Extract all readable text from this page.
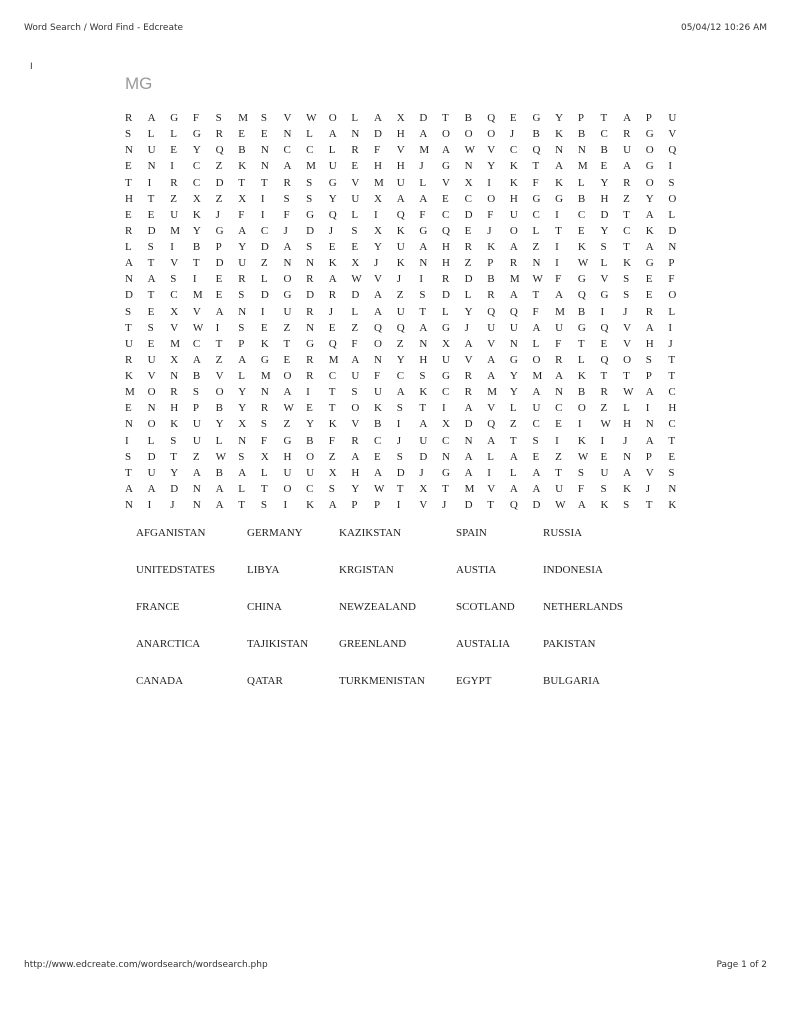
Word Search / Word Find - Edcreate	05/04/12 10:26 AM
I
MG
R	A	G	F	S	M	S	V	W	O	L	A	X	D	T	B	Q	E	G	Y	P	T	A	P	U
S	L	L	G	R	E	E	N	L	A	N	D	H	A	O	O	O	J	B	K	B	C	R	G	V
N	U	E	Y	Q	B	N	C	C	L	R	F	V	M	A	W	V	C	Q	N	N	B	U	O	Q
E	N	I	C	Z	K	N	A	M	U	E	H	H	J	G	N	Y	K	T	A	M	E	A	G	I
T	I	R	C	D	T	T	R	S	G	V	M	U	L	V	X	I	K	F	K	L	Y	R	O	S
H	T	Z	X	Z	X	I	S	S	Y	U	X	A	A	E	C	O	H	G	G	B	H	Z	Y	O
E	E	U	K	J	F	I	F	G	Q	L	I	Q	F	C	D	F	U	C	I	C	D	T	A	L
R	D	M	Y	G	A	C	J	D	J	S	X	K	G	Q	E	J	O	L	T	E	Y	C	K	D
L	S	I	B	P	Y	D	A	S	E	E	Y	U	A	H	R	K	A	Z	I	K	S	T	A	N
A	T	V	T	D	U	Z	N	N	K	X	J	K	N	H	Z	P	R	N	I	W	L	K	G	P
N	A	S	I	E	R	L	O	R	A	W	V	J	I	R	D	B	M	W	F	G	V	S	E	F
D	T	C	M	E	S	D	G	D	R	D	A	Z	S	D	L	R	A	T	A	Q	G	S	E	O
S	E	X	V	A	N	I	U	R	J	L	A	U	T	L	Y	Q	Q	F	M	B	I	J	R	L
T	S	V	W	I	S	E	Z	N	E	Z	Q	Q	A	G	J	U	U	A	U	G	Q	V	A	I
U	E	M	C	T	P	K	T	G	Q	F	O	Z	N	X	A	V	N	L	F	T	E	V	H	J
R	U	X	A	Z	A	G	E	R	M	A	N	Y	H	U	V	A	G	O	R	L	Q	O	S	T
K	V	N	B	V	L	M	O	R	C	U	F	C	S	G	R	A	Y	M	A	K	T	T	P	T
M	O	R	S	O	Y	N	A	I	T	S	U	A	K	C	R	M	Y	A	N	B	R	W	A	C
E	N	H	P	B	Y	R	W	E	T	O	K	S	T	I	A	V	L	U	C	O	Z	L	I	H
N	O	K	U	Y	X	S	Z	Y	K	V	B	I	A	X	D	Q	Z	C	E	I	W	H	N	C
I	L	S	U	L	N	F	G	B	F	R	C	J	U	C	N	A	T	S	I	K	I	J	A	T
S	D	T	Z	W	S	X	H	O	Z	A	E	S	D	N	A	L	A	E	Z	W	E	N	P	E
T	U	Y	A	B	A	L	U	U	X	H	A	D	J	G	A	I	L	A	T	S	U	A	V	S
A	A	D	N	A	L	T	O	C	S	Y	W	T	X	T	M	V	A	A	U	F	S	K	J	N
N	I	J	N	A	T	S	I	K	A	P	P	I	V	J	D	T	Q	D	W	A	K	S	T	K
AFGANISTAN	GERMANY	KAZIKSTAN	SPAIN	RUSSIA
UNITEDSTATES	LIBYA	KRGISTAN	AUSTIA	INDONESIA
FRANCE	CHINA	NEWZEALAND	SCOTLAND	NETHERLANDS
ANARCTICA	TAJIKISTAN	GREENLAND	AUSTALIA	PAKISTAN
CANADA	QATAR	TURKMENISTAN	EGYPT	BULGARIA
http://www.edcreate.com/wordsearch/wordsearch.php	Page 1 of 2
